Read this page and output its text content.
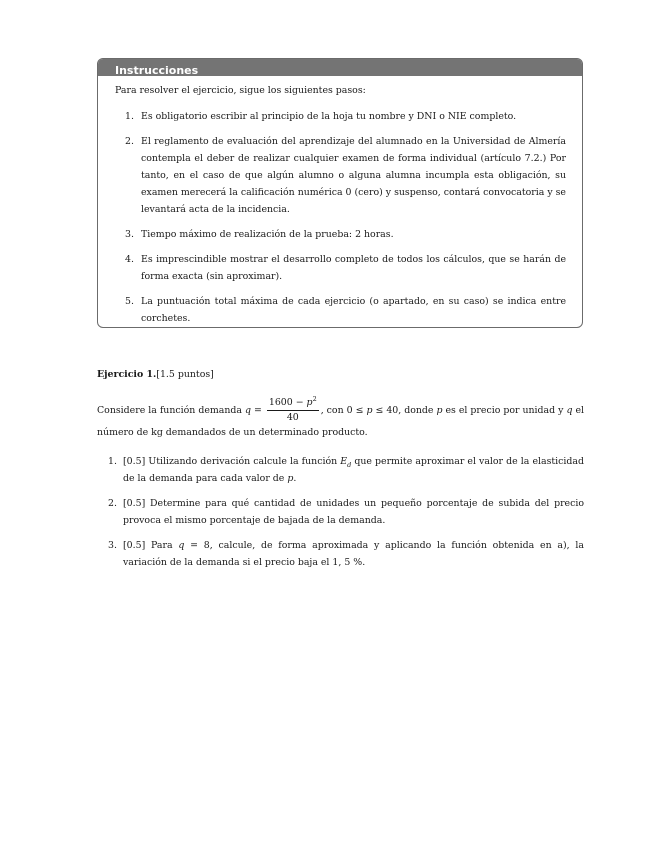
Instrucciones

Para resolver el ejercicio, sigue los siguientes pasos:

1. Es obligatorio escribir al principio de la hoja tu nombre y DNI o NIE completo.
2. El reglamento de evaluación del aprendizaje del alumnado en la Universidad de Almería contempla el deber de realizar cualquier examen de forma individual (artículo 7.2.) Por tanto, en el caso de que algún alumno o alguna alumna incumpla esta obligación, su examen merecerá la calificación numérica 0 (cero) y suspenso, contará convocatoria y se levantará acta de la incidencia.
3. Tiempo máximo de realización de la prueba: 2 horas.
4. Es imprescindible mostrar el desarrollo completo de todos los cálculos, que se harán de forma exacta (sin aproximar).
5. La puntuación total máxima de cada ejercicio (o apartado, en su caso) se indica entre corchetes.

Ejercicio 1.[1.5 puntos]

Considere la función demanda $q = \frac{1600 - p^2}{40}$ , con 0 ≤ p ≤ 40, donde p es el precio por unidad y q el número de kg demandados de un determinado producto.

1. [0.5] Utilizando derivación calcule la función $E_d$ que permite aproximar el valor de la elasticidad de la demanda para cada valor de p.
2. [0.5] Determine para qué cantidad de unidades un pequeño porcentaje de subida del precio provoca el mismo porcentaje de bajada de la demanda.
3. [0.5] Para q = 8, calcule, de forma aproximada y aplicando la función obtenida en a), la variación de la demanda si el precio baja el 1, 5 %.
